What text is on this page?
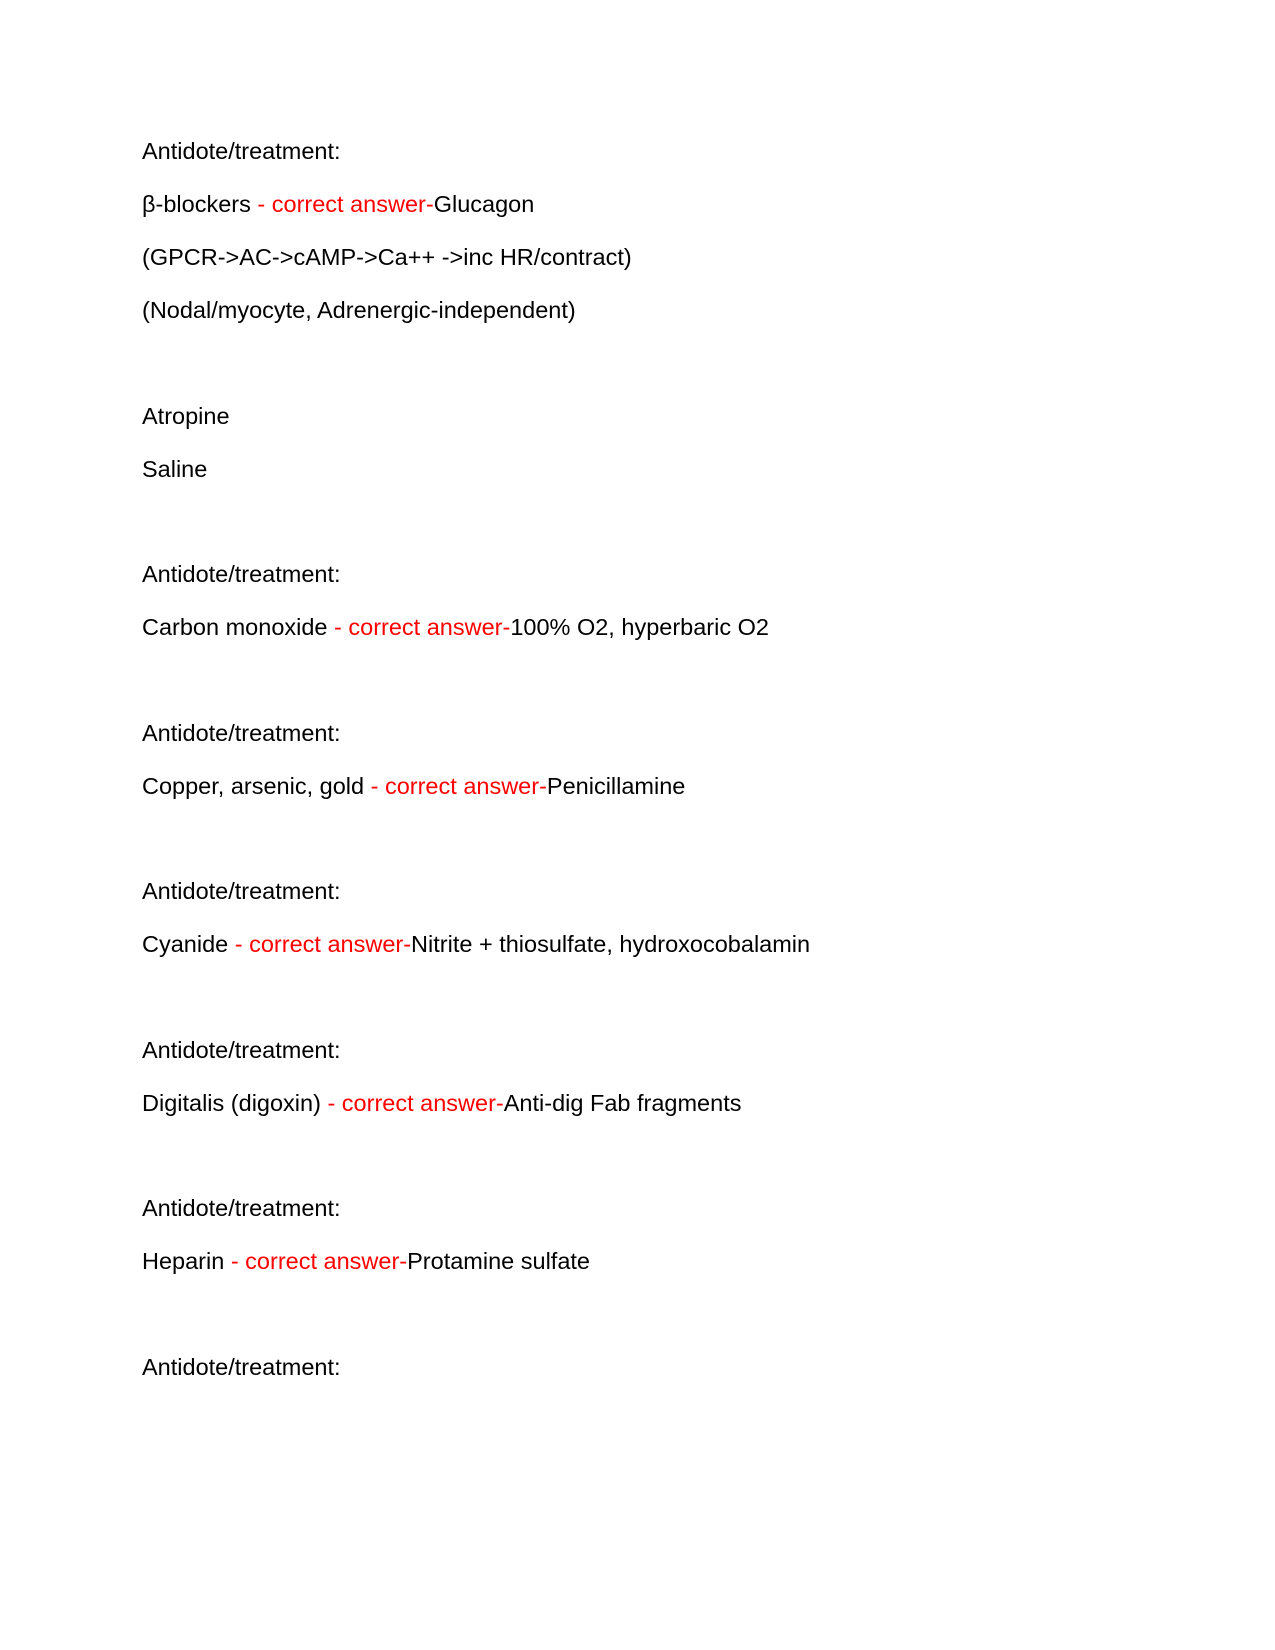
Antidote/treatment:

β-blockers - correct answer-Glucagon

(GPCR->AC->cAMP->Ca++ ->inc HR/contract)

(Nodal/myocyte, Adrenergic-independent)

Atropine

Saline

Antidote/treatment:

Carbon monoxide - correct answer-100% O2, hyperbaric O2

Antidote/treatment:

Copper, arsenic, gold - correct answer-Penicillamine

Antidote/treatment:

Cyanide - correct answer-Nitrite + thiosulfate, hydroxocobalamin

Antidote/treatment:

Digitalis (digoxin) - correct answer-Anti-dig Fab fragments

Antidote/treatment:

Heparin - correct answer-Protamine sulfate

Antidote/treatment:
